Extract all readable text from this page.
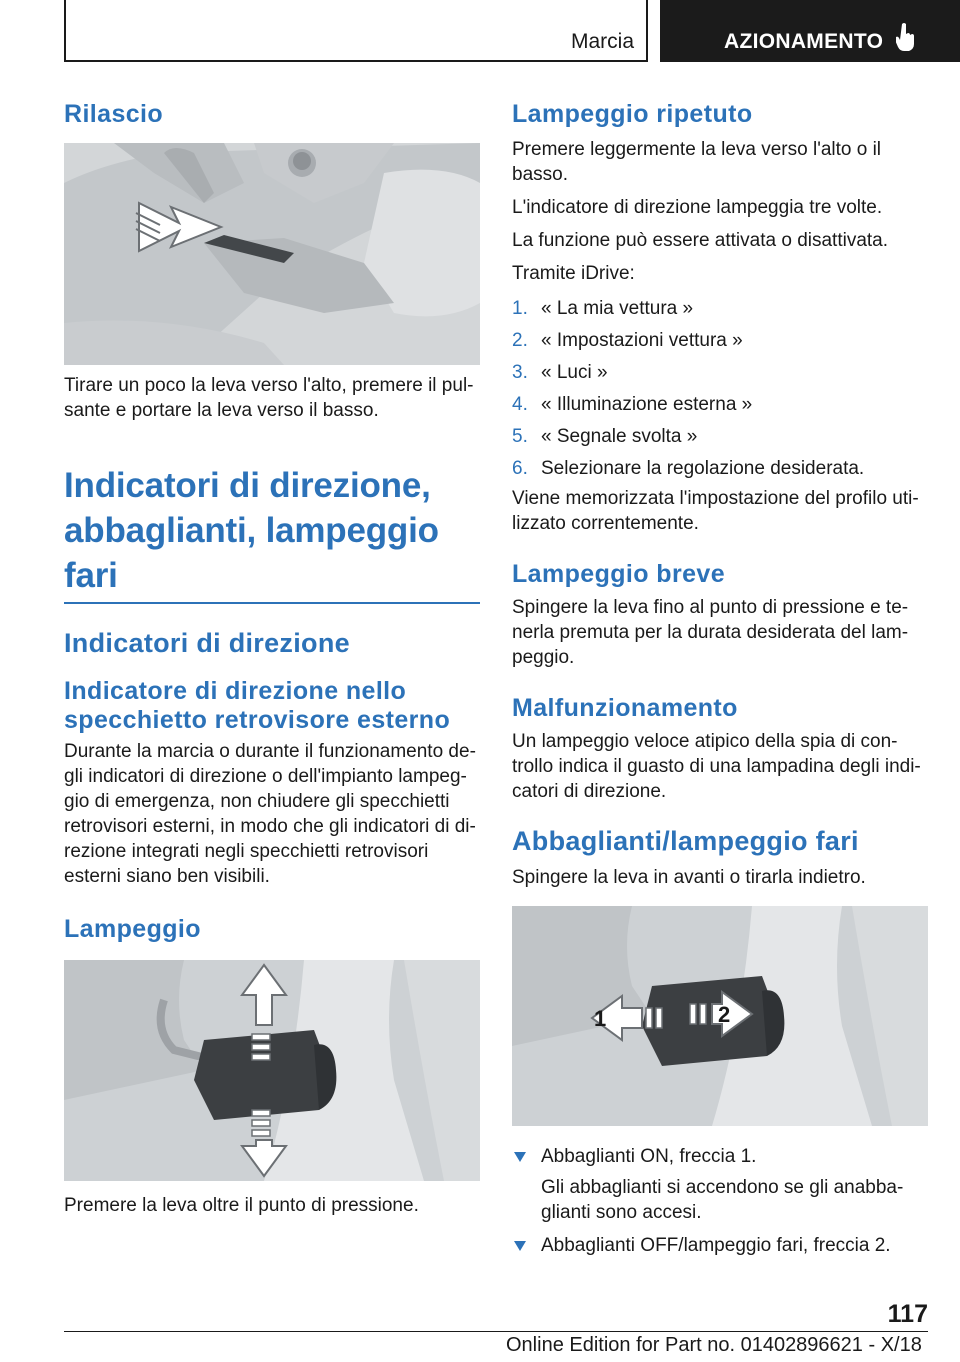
Marcia	AZIONAMENTO
Rilascio

Tirare un poco la leva verso l'alto, premere il pul-sante e portare la leva verso il basso.

Indicatori di direzione,
abbaglianti, lampeggio fari
Indicatori di direzione
Indicatore di direzione nello
specchietto retrovisore esterno

Durante la marcia o durante il funzionamento de-gli indicatori di direzione o dell'impianto lampeg-gio di emergenza, non chiudere gli specchietti retrovisori esterni, in modo che gli indicatori di di-rezione integrati negli specchietti retrovisori esterni siano ben visibili.

Lampeggio

Premere la leva oltre il punto di pressione.

Lampeggio ripetuto

Premere leggermente la leva verso l'alto o il basso.

L'indicatore di direzione lampeggia tre volte.

La funzione può essere attivata o disattivata.

Tramite iDrive:

1. « La mia vettura »
2. « Impostazioni vettura »
3. « Luci »
4. « Illuminazione esterna »
5. « Segnale svolta »
6. Selezionare la regolazione desiderata.

Viene memorizzata l'impostazione del profilo uti-lizzato correntemente.

Lampeggio breve

Spingere la leva fino al punto di pressione e te-nerla premuta per la durata desiderata del lam-peggio.

Malfunzionamento

Un lampeggio veloce atipico della spia di con-trollo indica il guasto di una lampadina degli indi-catori di direzione.

Abbaglianti/lampeggio fari

Spingere la leva in avanti o tirarla indietro.

1	2
Abbaglianti ON, freccia 1.
Gli abbaglianti si accendono se gli anabba-glianti sono accesi.
Abbaglianti OFF/lampeggio fari, freccia 2.
117
Online Edition for Part no. 01402896621 - X/18
